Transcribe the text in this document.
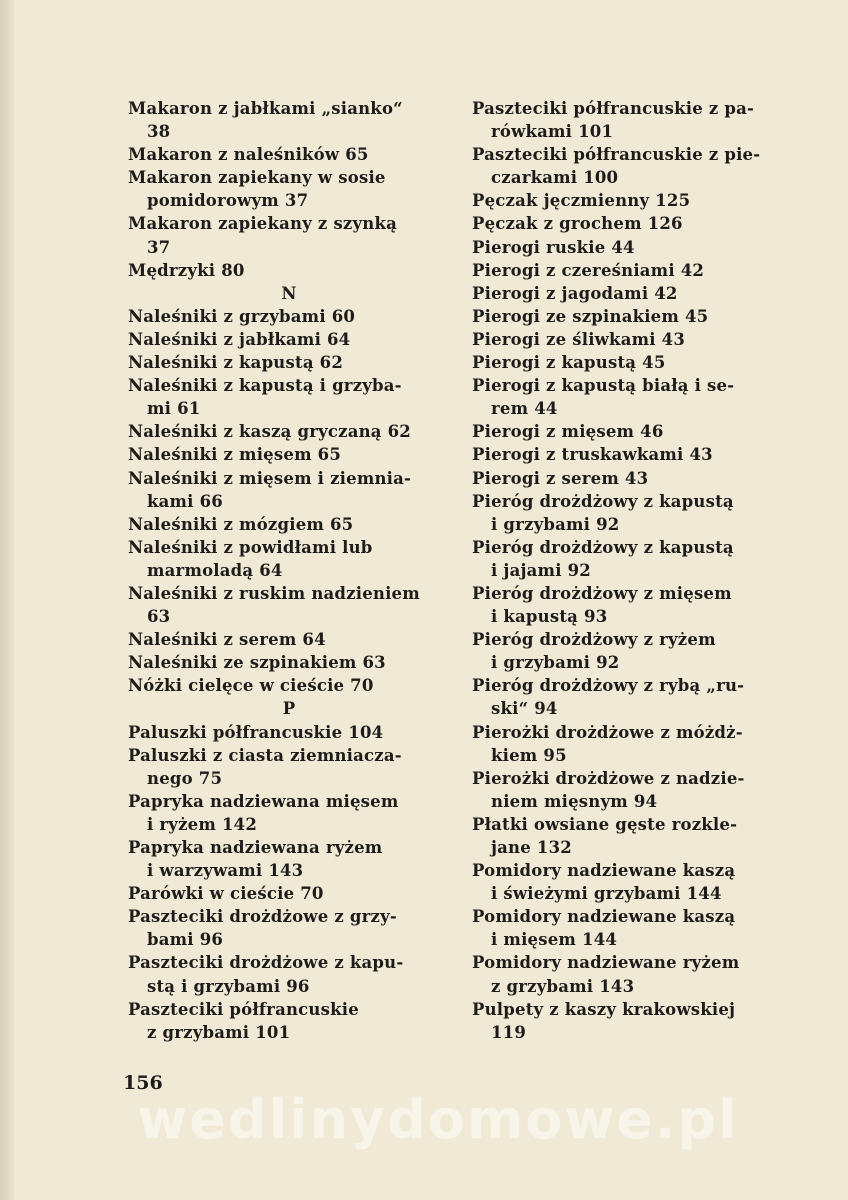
Makaron z jabłkami „sianko“
38
Makaron z naleśników 65
Makaron zapiekany w sosie
pomidorowym 37
Makaron zapiekany z szynką
37
Mędrzyki 80
N
Naleśniki z grzybami 60
Naleśniki z jabłkami 64
Naleśniki z kapustą 62
Naleśniki z kapustą i grzyba-
mi 61
Naleśniki z kaszą gryczaną 62
Naleśniki z mięsem 65
Naleśniki z mięsem i ziemnia-
kami 66
Naleśniki z mózgiem 65
Naleśniki z powidłami lub
marmoladą 64
Naleśniki z ruskim nadzieniem
63
Naleśniki z serem 64
Naleśniki ze szpinakiem 63
Nóżki cielęce w cieście 70
P
Paluszki półfrancuskie 104
Paluszki z ciasta ziemniacza-
nego 75
Papryka nadziewana mięsem
i ryżem 142
Papryka nadziewana ryżem
i warzywami 143
Parówki w cieście 70
Paszteciki drożdżowe z grzy-
bami 96
Paszteciki drożdżowe z kapu-
stą i grzybami 96
Paszteciki półfrancuskie
z grzybami 101
Paszteciki półfrancuskie z pa-
rówkami 101
Paszteciki półfrancuskie z pie-
czarkami 100
Pęczak jęczmienny 125
Pęczak z grochem 126
Pierogi ruskie 44
Pierogi z czereśniami 42
Pierogi z jagodami 42
Pierogi ze szpinakiem 45
Pierogi ze śliwkami 43
Pierogi z kapustą 45
Pierogi z kapustą białą i se-
rem 44
Pierogi z mięsem 46
Pierogi z truskawkami 43
Pierogi z serem 43
Pieróg drożdżowy z kapustą
i grzybami 92
Pieróg drożdżowy z kapustą
i jajami 92
Pieróg drożdżowy z mięsem
i kapustą 93
Pieróg drożdżowy z ryżem
i grzybami 92
Pieróg drożdżowy z rybą „ru-
ski“ 94
Pierożki drożdżowe z móżdż-
kiem 95
Pierożki drożdżowe z nadzie-
niem mięsnym 94
Płatki owsiane gęste rozkle-
jane 132
Pomidory nadziewane kaszą
i świeżymi grzybami 144
Pomidory nadziewane kaszą
i mięsem 144
Pomidory nadziewane ryżem
z grzybami 143
Pulpety z kaszy krakowskiej
119
156
wedlinydomowe.pl
